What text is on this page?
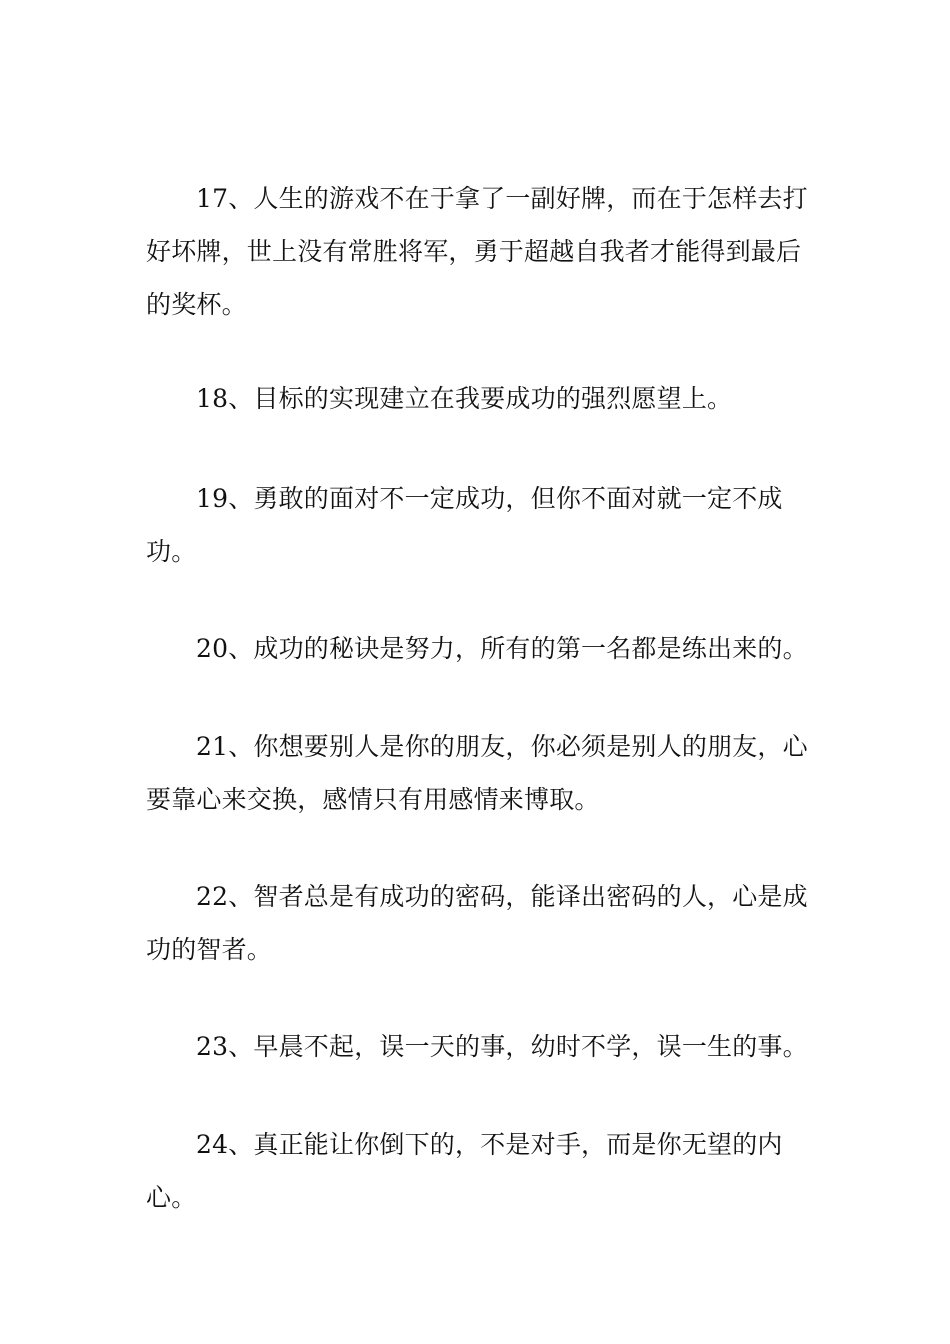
17、人生的游戏不在于拿了一副好牌，而在于怎样去打好坏牌，世上没有常胜将军，勇于超越自我者才能得到最后的奖杯。

18、目标的实现建立在我要成功的强烈愿望上。

19、勇敢的面对不一定成功，但你不面对就一定不成功。

20、成功的秘诀是努力，所有的第一名都是练出来的。

21、你想要别人是你的朋友，你必须是别人的朋友，心要靠心来交换，感情只有用感情来博取。

22、智者总是有成功的密码，能译出密码的人，心是成功的智者。

23、早晨不起，误一天的事，幼时不学，误一生的事。

24、真正能让你倒下的，不是对手，而是你无望的内心。
